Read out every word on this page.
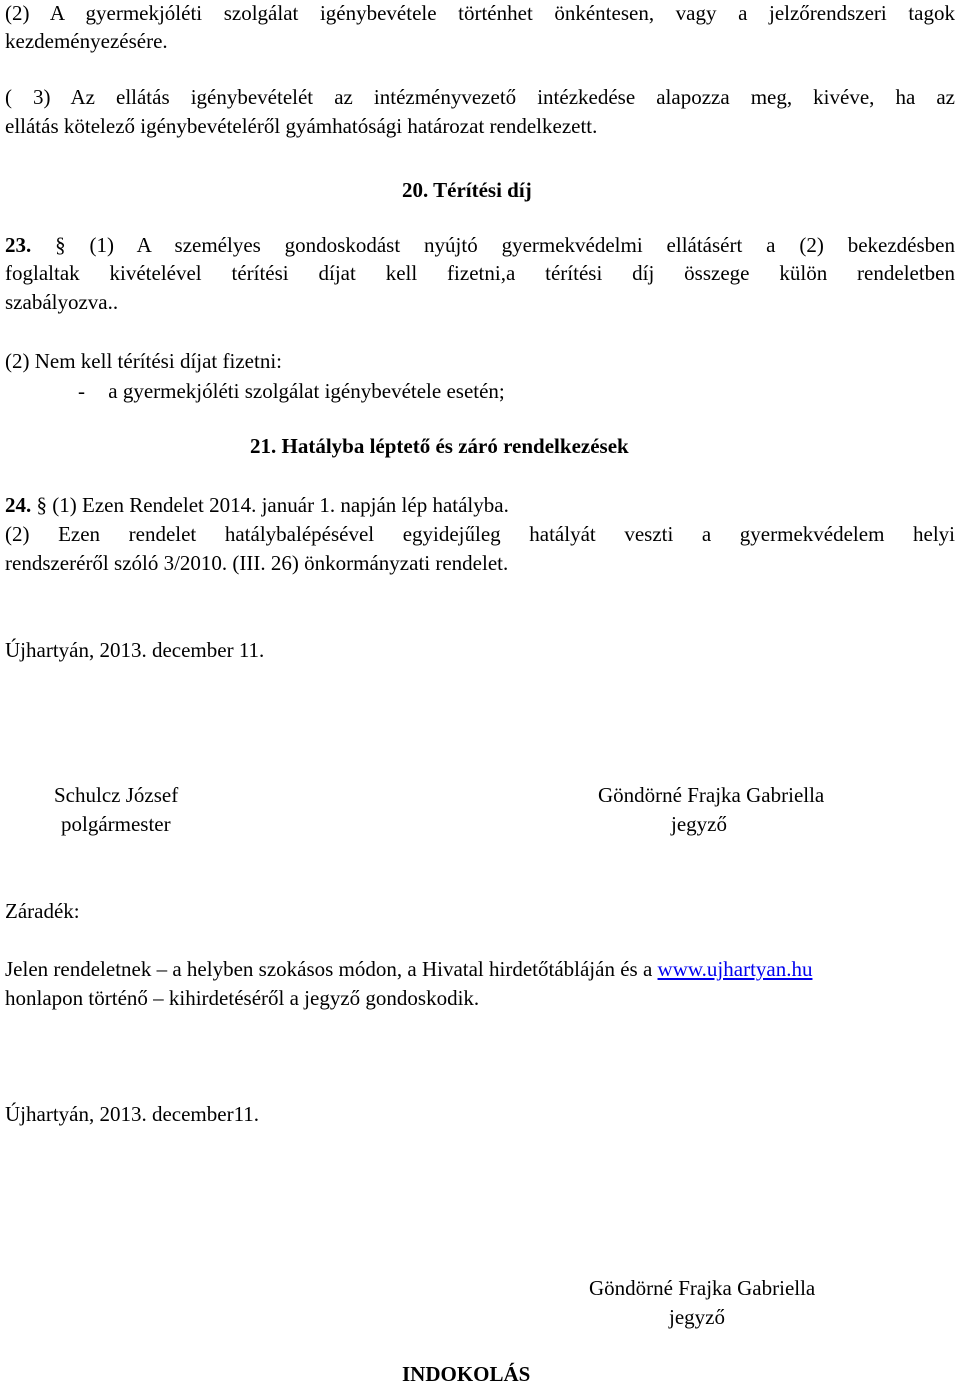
(2) A gyermekjóléti szolgálat igénybevétele történhet önkéntesen, vagy a jelzőrendszeri tagok
kezdeményezésére.
( 3) Az ellátás igénybevételét az intézményvezető intézkedése alapozza meg, kivéve, ha az
ellátás kötelező igénybevételéről gyámhatósági határozat rendelkezett.
20. Térítési díj
23. § (1) A személyes gondoskodást nyújtó gyermekvédelmi ellátásért a (2) bekezdésben
foglaltak kivételével térítési díjat kell fizetni,a térítési díj összege külön rendeletben
szabályozva..
(2) Nem kell térítési díjat fizetni:
- a gyermekjóléti szolgálat igénybevétele esetén;
21. Hatályba léptető és záró rendelkezések
24. § (1) Ezen Rendelet 2014. január 1. napján lép hatályba.
(2) Ezen rendelet hatálybalépésével egyidejűleg hatályát veszti a gyermekvédelem helyi
rendszeréről szóló 3/2010. (III. 26) önkormányzati rendelet.
Újhartyán, 2013. december 11.
Schulcz József
polgármester
Göndörné Frajka Gabriella
jegyző
Záradék:
Jelen rendeletnek – a helyben szokásos módon, a Hivatal hirdetőtábláján és a www.ujhartyan.hu
honlapon történő – kihirdetéséről a jegyző gondoskodik.
Újhartyán, 2013. december11.
Göndörné Frajka Gabriella
jegyző
INDOKOLÁS
